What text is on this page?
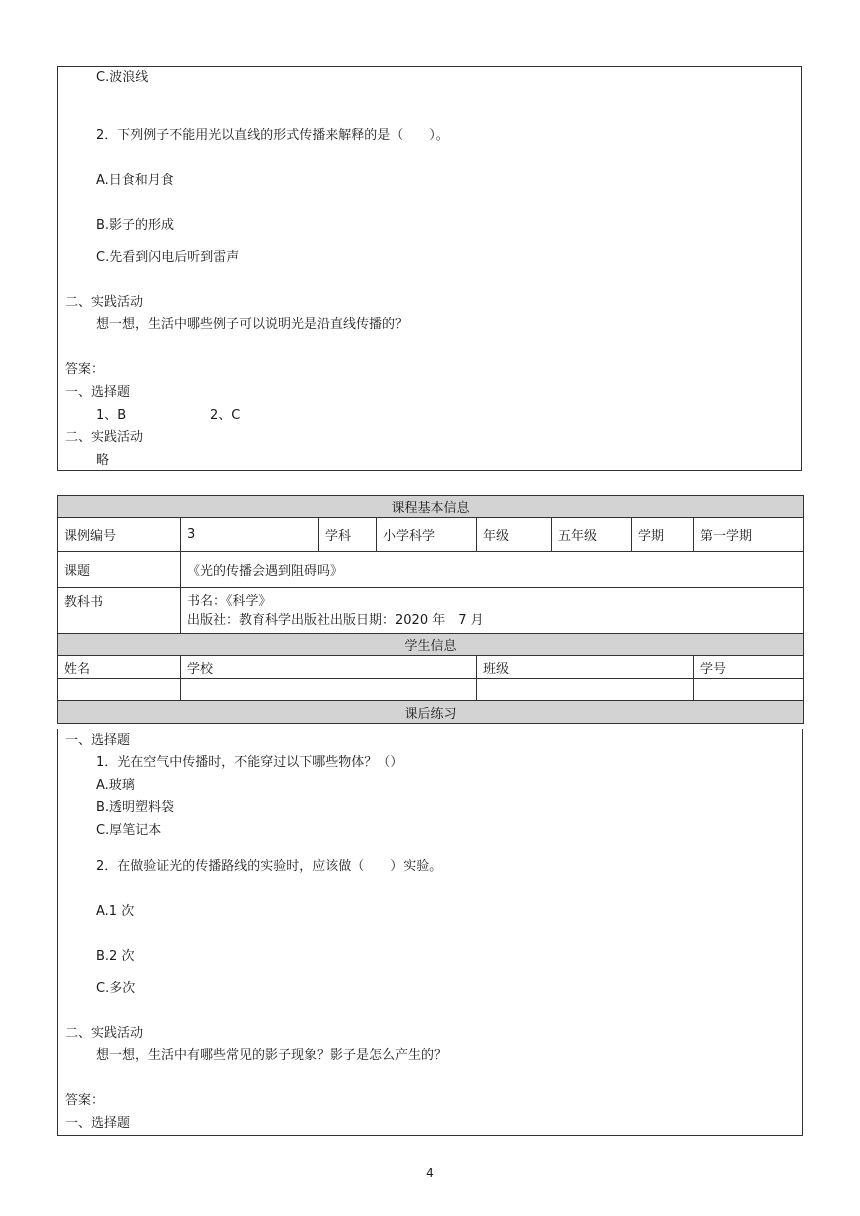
C.波浪线
2．下列例子不能用光以直线的形式传播来解释的是（　　）。
A.日食和月食
B.影子的形成
C.先看到闪电后听到雷声
二、实践活动
想一想，生活中哪些例子可以说明光是沿直线传播的？
答案：
一、选择题
1、B	2、C
二、实践活动
略
课程基本信息							
课例编号	3	学科	小学科学	年级	五年级	学期	第一学期
课题	《光的传播会遇到阻碍吗》						
教科书	书名：《科学》
出版社：教育科学出版社出版日期：2020 年　7 月						

学生信息							
姓名	学校			班级			学号

课后练习							
一、选择题
1．光在空气中传播时，不能穿过以下哪些物体？（）
A.玻璃
B.透明塑料袋
C.厚笔记本
2．在做验证光的传播路线的实验时，应该做（　　）实验。
A.1 次
B.2 次
C.多次
二、实践活动
想一想，生活中有哪些常见的影子现象？影子是怎么产生的？
答案：
一、选择题
4
